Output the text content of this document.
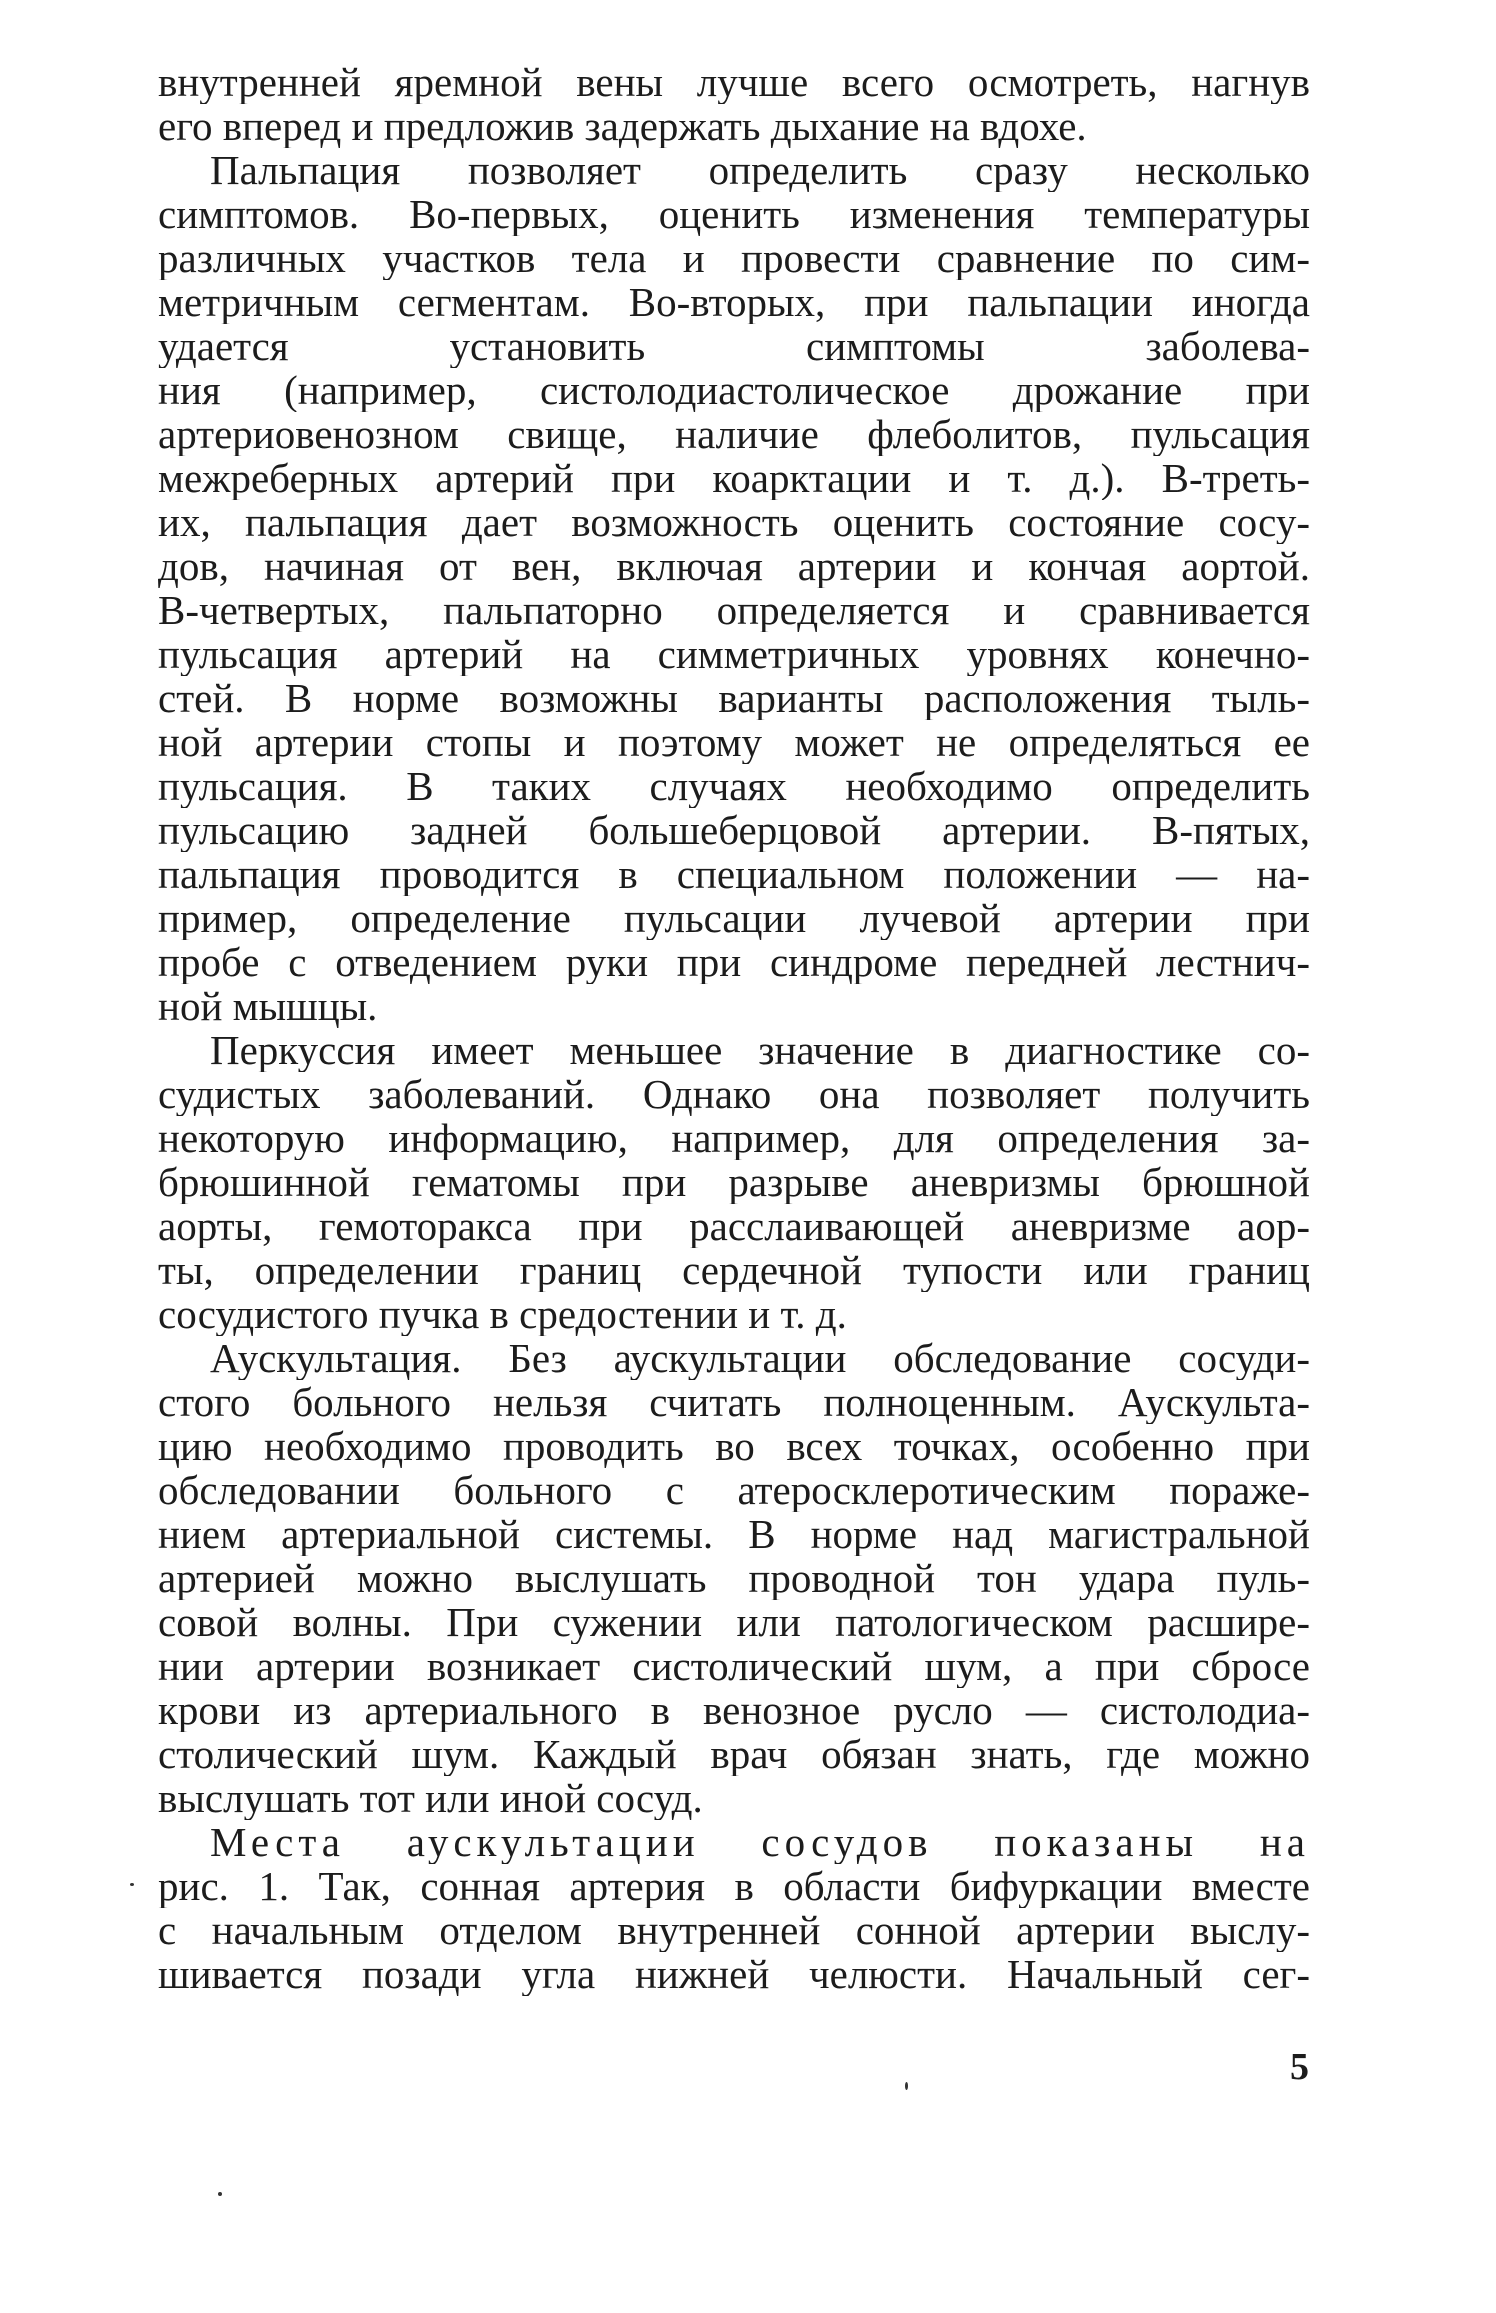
внутренней яремной вены лучше всего осмотреть, нагнув
его вперед и предложив задержать дыхание на вдохе.
Пальпация позволяет определить сразу несколько
симптомов. Во-первых, оценить изменения температуры
различных участков тела и провести сравнение по сим-
метричным сегментам. Во-вторых, при пальпации иногда
удается установить симптомы заболева-
ния (например, систолодиастолическое дрожание при
артериовенозном свище, наличие флеболитов, пульсация
межреберных артерий при коарктации и т. д.). В-треть-
их, пальпация дает возможность оценить состояние сосу-
дов, начиная от вен, включая артерии и кончая аортой.
В-четвертых, пальпаторно определяется и сравнивается
пульсация артерий на симметричных уровнях конечно-
стей. В норме возможны варианты расположения тыль-
ной артерии стопы и поэтому может не определяться ее
пульсация. В таких случаях необходимо определить
пульсацию задней большеберцовой артерии. В-пятых,
пальпация проводится в специальном положении — на-
пример, определение пульсации лучевой артерии при
пробе с отведением руки при синдроме передней лестнич-
ной мышцы.
Перкуссия имеет меньшее значение в диагностике со-
судистых заболеваний. Однако она позволяет получить
некоторую информацию, например, для определения за-
брюшинной гематомы при разрыве аневризмы брюшной
аорты, гемоторакса при расслаивающей аневризме аор-
ты, определении границ сердечной тупости или границ
сосудистого пучка в средостении и т. д.
Аускультация. Без аускультации обследование сосуди-
стого больного нельзя считать полноценным. Аускульта-
цию необходимо проводить во всех точках, особенно при
обследовании больного с атеросклеротическим пораже-
нием артериальной системы. В норме над магистральной
артерией можно выслушать проводной тон удара пуль-
совой волны. При сужении или патологическом расшире-
нии артерии возникает систолический шум, а при сбросе
крови из артериального в венозное русло — систолодиа-
столический шум. Каждый врач обязан знать, где можно
выслушать тот или иной сосуд.
Места аускультации сосудов показаны на
рис. 1. Так, сонная артерия в области бифуркации вместе
с начальным отделом внутренней сонной артерии выслу-
шивается позади угла нижней челюсти. Начальный сег-
5
